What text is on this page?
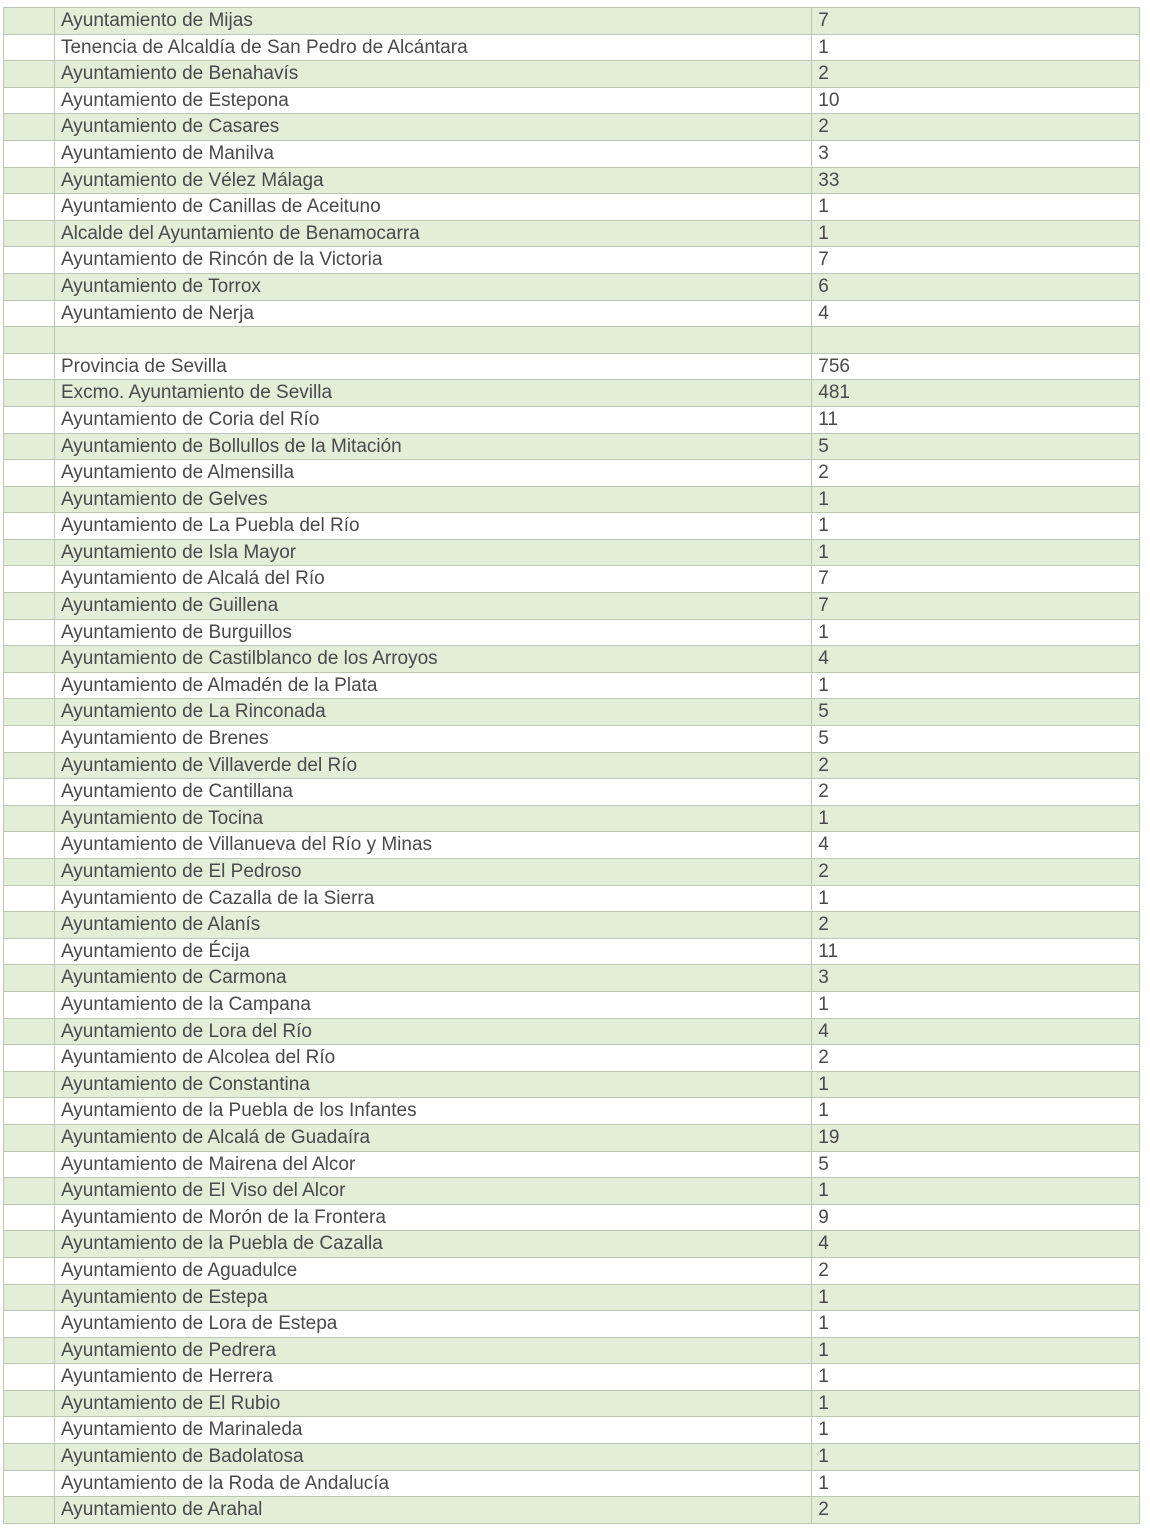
Ayuntamiento de Mijas	7
Tenencia de Alcaldía de San Pedro de Alcántara	1
Ayuntamiento de Benahavís	2
Ayuntamiento de Estepona	10
Ayuntamiento de Casares	2
Ayuntamiento de Manilva	3
Ayuntamiento de Vélez Málaga	33
Ayuntamiento de Canillas de Aceituno	1
Alcalde del Ayuntamiento de Benamocarra	1
Ayuntamiento de Rincón de la Victoria	7
Ayuntamiento de Torrox	6
Ayuntamiento de Nerja	4
Provincia de Sevilla	756
Excmo. Ayuntamiento de Sevilla	481
Ayuntamiento de Coria del Río	11
Ayuntamiento de Bollullos de la Mitación	5
Ayuntamiento de Almensilla	2
Ayuntamiento de Gelves	1
Ayuntamiento de La Puebla del Río	1
Ayuntamiento de Isla Mayor	1
Ayuntamiento de Alcalá del Río	7
Ayuntamiento de Guillena	7
Ayuntamiento de Burguillos	1
Ayuntamiento de Castilblanco de los Arroyos	4
Ayuntamiento de Almadén de la Plata	1
Ayuntamiento de La Rinconada	5
Ayuntamiento de Brenes	5
Ayuntamiento de Villaverde del Río	2
Ayuntamiento de Cantillana	2
Ayuntamiento de Tocina	1
Ayuntamiento de Villanueva del Río y Minas	4
Ayuntamiento de El Pedroso	2
Ayuntamiento de Cazalla de la Sierra	1
Ayuntamiento de Alanís	2
Ayuntamiento de Écija	11
Ayuntamiento de Carmona	3
Ayuntamiento de la Campana	1
Ayuntamiento de Lora del Río	4
Ayuntamiento de Alcolea del Río	2
Ayuntamiento de Constantina	1
Ayuntamiento de la Puebla de los Infantes	1
Ayuntamiento de Alcalá de Guadaíra	19
Ayuntamiento de Mairena del Alcor	5
Ayuntamiento de El Viso del Alcor	1
Ayuntamiento de Morón de la Frontera	9
Ayuntamiento de la Puebla de Cazalla	4
Ayuntamiento de Aguadulce	2
Ayuntamiento de Estepa	1
Ayuntamiento de Lora de Estepa	1
Ayuntamiento de Pedrera	1
Ayuntamiento de Herrera	1
Ayuntamiento de El Rubio	1
Ayuntamiento de Marinaleda	1
Ayuntamiento de Badolatosa	1
Ayuntamiento de la Roda de Andalucía	1
Ayuntamiento de Arahal	2
